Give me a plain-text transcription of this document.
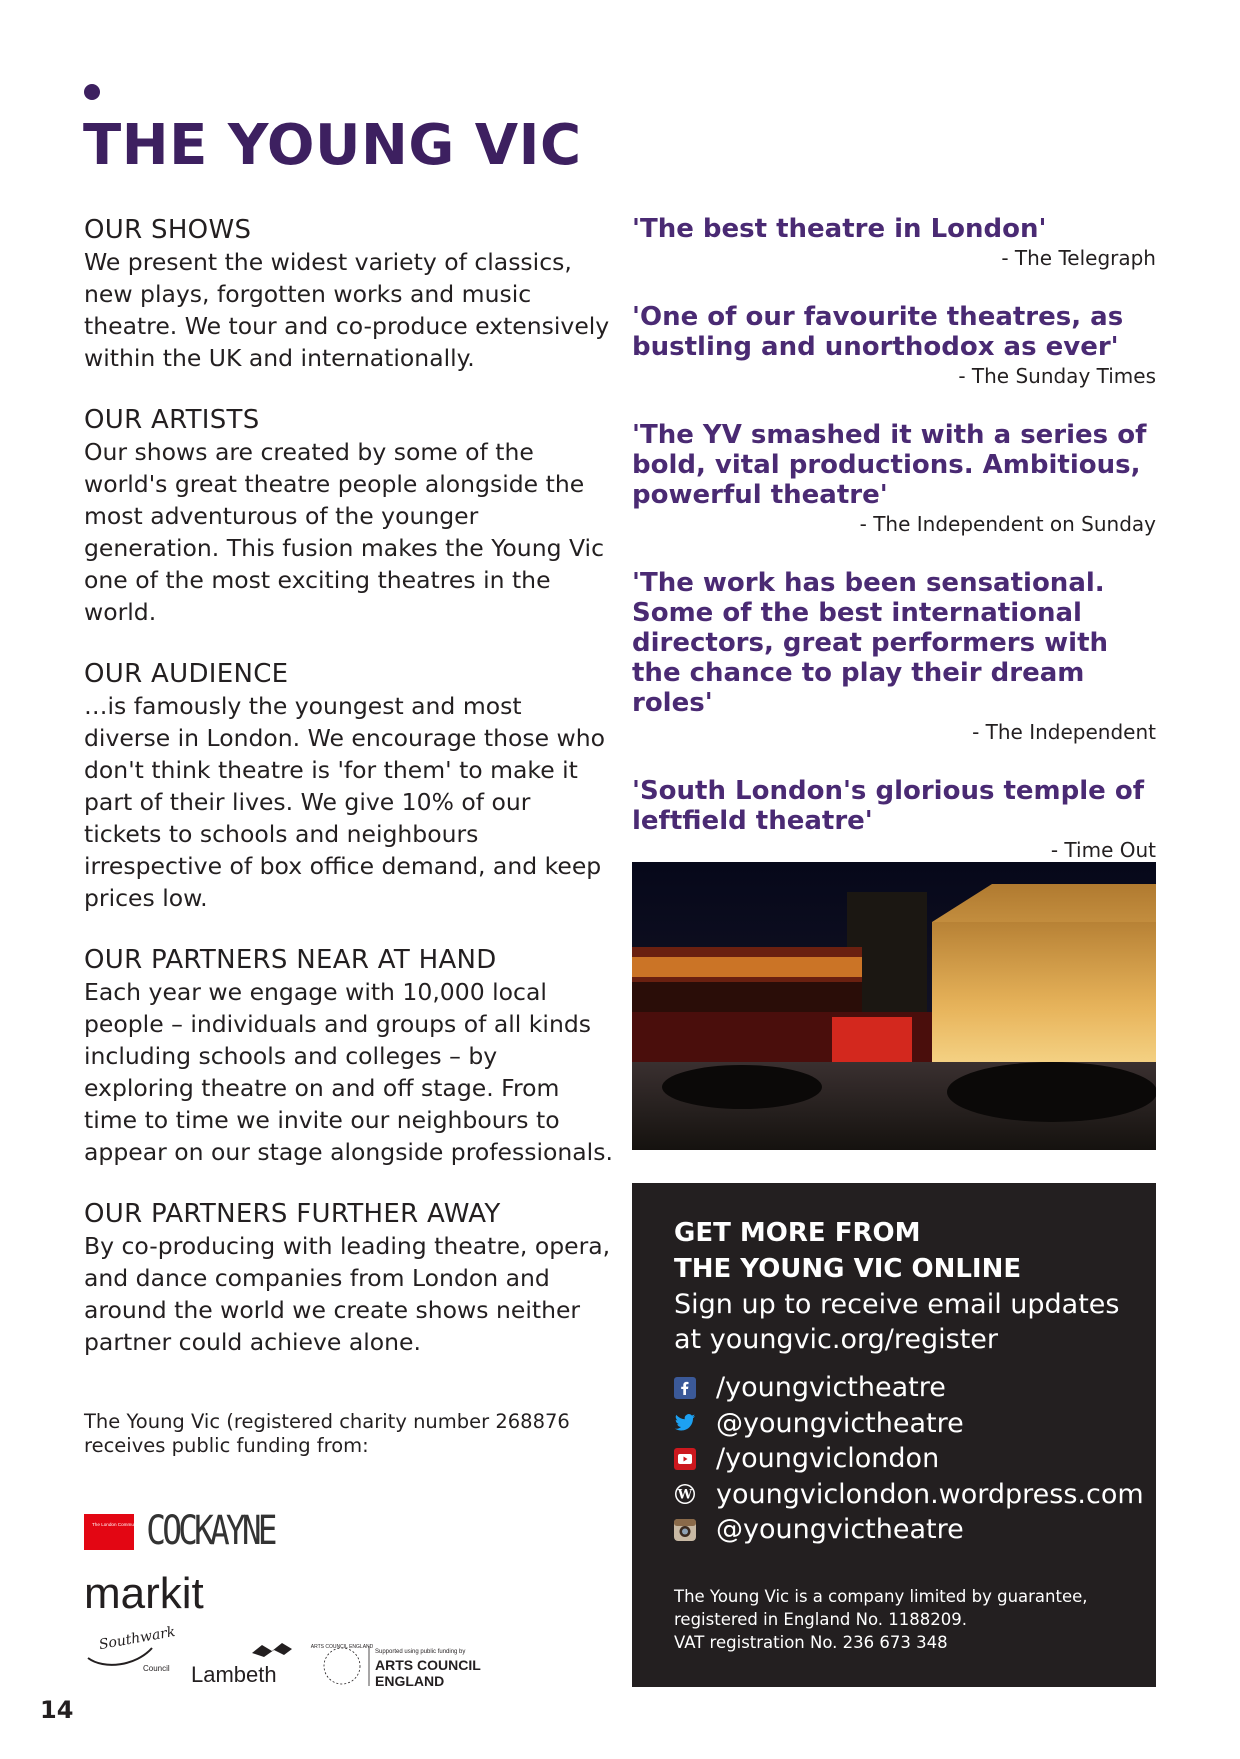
THE YOUNG VIC
OUR SHOWS

We present the widest variety of classics, new plays, forgotten works and music theatre. We tour and co-produce extensively within the UK and internationally.

OUR ARTISTS

Our shows are created by some of the world's great theatre people alongside the most adventurous of the younger generation. This fusion makes the Young Vic one of the most exciting theatres in the world.

OUR AUDIENCE

…is famously the youngest and most diverse in London. We encourage those who don't think theatre is 'for them' to make it part of their lives. We give 10% of our tickets to schools and neighbours irrespective of box office demand, and keep prices low.

OUR PARTNERS NEAR AT HAND

Each year we engage with 10,000 local people – individuals and groups of all kinds including schools and colleges – by exploring theatre on and off stage. From time to time we invite our neighbours to appear on our stage alongside professionals.

OUR PARTNERS FURTHER AWAY

By co-producing with leading theatre, opera, and dance companies from London and around the world we create shows neither partner could achieve alone.

The Young Vic (registered charity number 268876 receives public funding from:
'The best theatre in London'
- The Telegraph
'One of our favourite theatres, as bustling and unorthodox as ever'
- The Sunday Times
'The YV smashed it with a series of bold, vital productions. Ambitious, powerful theatre'
- The Independent on Sunday
'The work has been sensational. Some of the best international directors, great performers with the chance to play their dream roles'
- The Independent
'South London's glorious temple of leftfield theatre'
- Time Out
GET MORE FROM
THE YOUNG VIC ONLINE
Sign up to receive email updates at youngvic.org/register
/youngvictheatre
@youngvictheatre
/youngviclondon
W youngviclondon.wordpress.com
@youngvictheatre
The Young Vic is a company limited by guarantee,
registered in England No. 1188209.
VAT registration No. 236 673 348
The London Community Foundation
COCKAYNE
markit
Southwark
Council Lambeth
ARTS COUNCIL ENGLAND
Supported using public funding by
ARTS COUNCIL
ENGLAND
14
